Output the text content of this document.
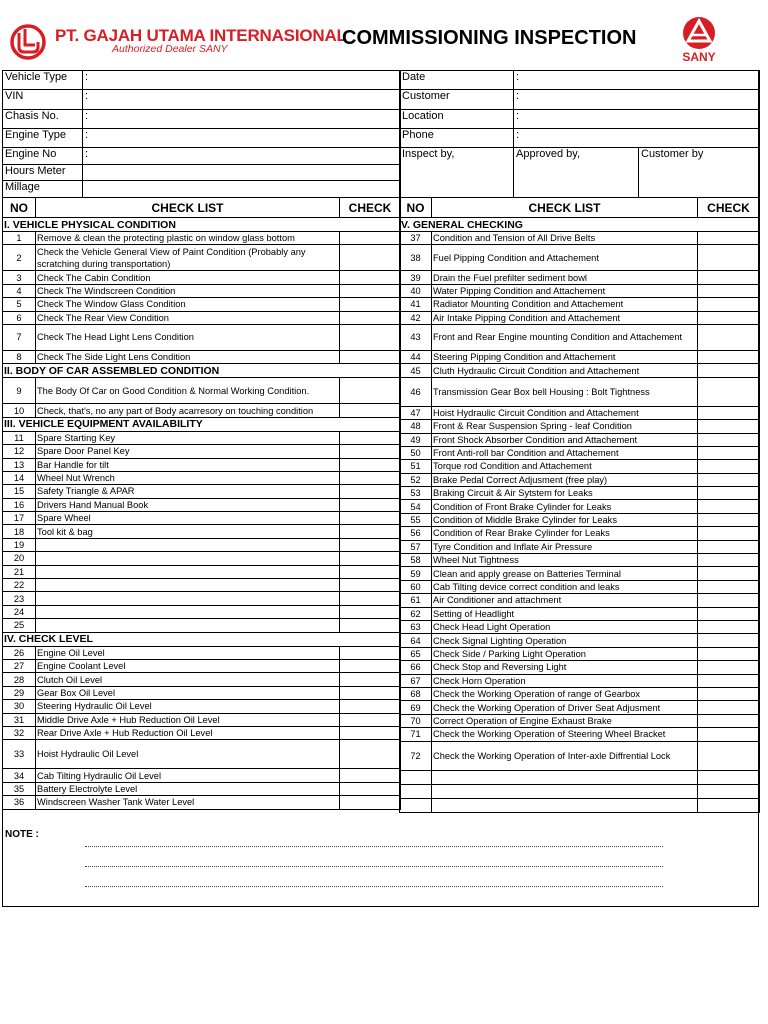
PT. GAJAH UTAMA INTERNASIONAL
Authorized Dealer SANY	COMMISSIONING INSPECTION
SANY
Vehicle Type	:
VIN	:
Chasis No.	:
Engine Type	:
Engine No	:
Hours Meter	
Millage	
Date	:	
Customer	:	
Location	:	
Phone	:	
Inspect by,	Approved by,	Customer by
NO	CHECK LIST	CHECK
I. VEHICLE PHYSICAL CONDITION		
1	Remove & clean the protecting plastic on window glass bottom	
2	Check the Vehicle General View of Paint Condition (Probably any scratching during transportation)	
3	Check The Cabin Condition	
4	Check The Windscreen Condition	
5	Check The Window Glass Condition	
6	Check The Rear View Condition	
7	Check The Head Light Lens Condition	
8	Check The Side Light Lens Condition	
II. BODY OF CAR ASSEMBLED CONDITION		
9	The Body Of Car on Good Condition & Normal Working Condition.	
10	Check, that's, no any part of Body acarresory on touching condition	
III. VEHICLE EQUIPMENT AVAILABILITY		
11	Spare Starting Key	
12	Spare Door Panel Key	
13	Bar Handle for tilt	
14	Wheel Nut Wrench	
15	Safety Triangle & APAR	
16	Drivers Hand Manual Book	
17	Spare Wheel	
18	Tool kit & bag	
19		
20		
21		
22		
23		
24		
25		
IV. CHECK LEVEL		
26	Engine Oil Level	
27	Engine Coolant Level	
28	Clutch Oil Level	
29	Gear Box Oil Level	
30	Steering Hydraulic Oil Level	
31	Middle Drive Axle + Hub Reduction Oil Level	
32	Rear Drive Axle + Hub Reduction Oil Level	
33	Hoist Hydraulic Oil Level	
34	Cab Tilting Hydraulic Oil Level	
35	Battery Electrolyte Level	
36	Windscreen Washer Tank Water Level	
NO	CHECK LIST	CHECK
V. GENERAL CHECKING		
37	Condition and Tension of All Drive Belts	
38	Fuel Pipping Condition and Attachement	
39	Drain the Fuel prefilter sediment bowl	
40	Water Pipping Condition and Attachement	
41	Radiator Mounting Condition and Attachement	
42	Air Intake Pipping Condition and Attachement	
43	Front and Rear Engine mounting Condition and Attachement	
44	Steering Pipping Condition and Attachement	
45	Cluth Hydraulic Circuit Condition and Attachement	
46	Transmission Gear Box bell Housing : Bolt Tightness	
47	Hoist Hydraulic Circuit Condition and Attachement	
48	Front & Rear Suspension Spring - leaf Condition	
49	Front Shock Absorber Condition and Attachement	
50	Front Anti-roll bar Condition and Attachement	
51	Torque rod Condition and Attachement	
52	Brake Pedal Correct Adjusment (free play)	
53	Braking Circuit & Air Sytstem for Leaks	
54	Condition of Front Brake Cylinder for Leaks	
55	Condition of Middle Brake Cylinder for Leaks	
56	Condition of Rear Brake Cylinder for Leaks	
57	Tyre Condition and Inflate Air Pressure	
58	Wheel Nut Tightness	
59	Clean and apply grease on Batteries Terminal	
60	Cab Tilting device correct condition and leaks	
61	Air Conditioner and attachment	
62	Setting of Headlight	
63	Check Head Light Operation	
64	Check Signal Lighting Operation	
65	Check Side / Parking Light Operation	
66	Check Stop and Reversing Light	
67	Check Horn Operation	
68	Check the Working Operation of range of Gearbox	
69	Check the Working Operation of Driver Seat Adjusment	
70	Correct Operation of Engine Exhaust Brake	
71	Check the Working Operation of Steering Wheel Bracket	
72	Check the Working Operation of Inter-axle Diffrential Lock	

NOTE :
